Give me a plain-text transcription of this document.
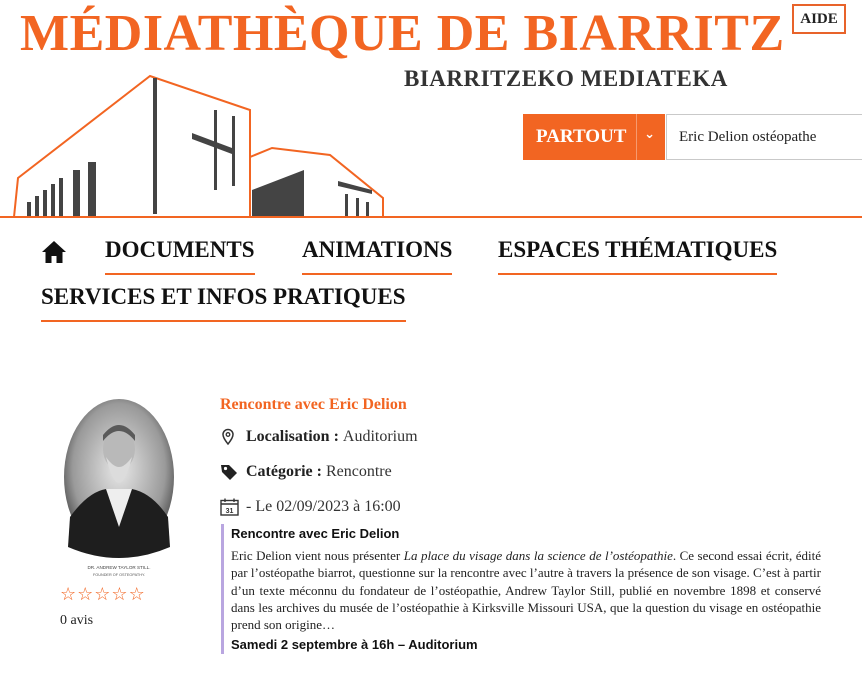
MÉDIATHÈQUE DE BIARRITZ
BIARRITZEKO MEDIATEKA
AIDE
PARTOUT ⌄
Eric Delion ostéopathe
DOCUMENTS ANIMATIONS ESPACES THÉMATIQUES
SERVICES ET INFOS PRATIQUES
DR. ANDREW TAYLOR STILL.
FOUNDER OF OSTEOPATHY.
☆ ☆ ☆ ☆ ☆
0 avis
Rencontre avec Eric Delion
Localisation : Auditorium
Catégorie : Rencontre
31 - Le 02/09/2023 à 16:00
Rencontre avec Eric Delion
Eric Delion vient nous présenter La place du visage dans la science de l’ostéopathie. Ce second essai écrit, édité par l’ostéopathe biarrot, questionne sur la rencontre avec l’autre à travers la présence de son visage. C’est à partir d’un texte méconnu du fondateur de l’ostéopathie, Andrew Taylor Still, publié en novembre 1898 et conservé dans les archives du musée de l’ostéopathie à Kirksville Missouri USA, que la question du visage en ostéopathie prend son origine…
Samedi 2 septembre à 16h – Auditorium
